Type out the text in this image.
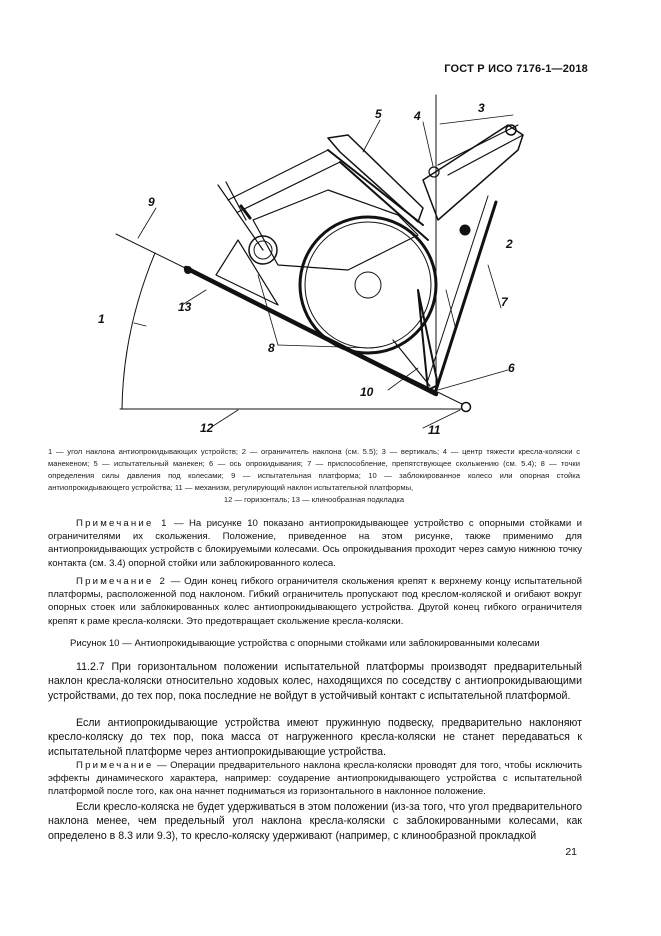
ГОСТ Р ИСО 7176-1—2018
1
2
3
4
5
6
7
8
9
10
11
12
13
1 — угол наклона антиопрокидывающих устройств; 2 — ограничитель наклона (см. 5.5); 3 — вертикаль; 4 — центр тяжести кресла-коляски с манекеном; 5 — испытательный манекен; 6 — ось опрокидывания; 7 — приспособление, препятствующее скольжению (см. 5.4); 8 — точки определения силы давления под колесами; 9 — испытательная платформа; 10 — заблокированное колесо или опорная стойка антиопрокидывающего устройства; 11 — механизм, регулирующий наклон испытательной платформы,
12 — горизонталь; 13 — клинообразная подкладка
Примечание 1 — На рисунке 10 показано антиопрокидывающее устройство с опорными стойками и ограничителями их скольжения. Положение, приведенное на этом рисунке, также применимо для антиопрокидывающих устройств с блокируемыми колесами. Ось опрокидывания проходит через самую нижнюю точку контакта (см. 3.4) опорной стойки или заблокированного колеса.
Примечание 2 — Один конец гибкого ограничителя скольжения крепят к верхнему концу испытательной платформы, расположенной под наклоном. Гибкий ограничитель пропускают под креслом-коляской и огибают вокруг опорных стоек или заблокированных колес антиопрокидывающего устройства. Другой конец гибкого ограничителя крепят к раме кресла-коляски. Это предотвращает скольжение кресла-коляски.
Рисунок 10 — Антиопрокидывающие устройства с опорными стойками или заблокированными колесами
11.2.7 При горизонтальном положении испытательной платформы производят предварительный наклон кресла-коляски относительно ходовых колес, находящихся по соседству с антиопрокидывающими устройствами, до тех пор, пока последние не войдут в устойчивый контакт с испытательной платформой.
Если антиопрокидывающие устройства имеют пружинную подвеску, предварительно наклоняют кресло-коляску до тех пор, пока масса от нагруженного кресла-коляски не станет передаваться к испытательной платформе через антиопрокидывающие устройства.
Примечание — Операции предварительного наклона кресла-коляски проводят для того, чтобы исключить эффекты динамического характера, например: соударение антиопрокидывающего устройства с испытательной платформой после того, как она начнет подниматься из горизонтального в наклонное положение.
Если кресло-коляска не будет удерживаться в этом положении (из-за того, что угол предварительного наклона менее, чем предельный угол наклона кресла-коляски с заблокированными колесами, как определено в 8.3 или 9.3), то кресло-коляску удерживают (например, с клинообразной прокладкой
21
